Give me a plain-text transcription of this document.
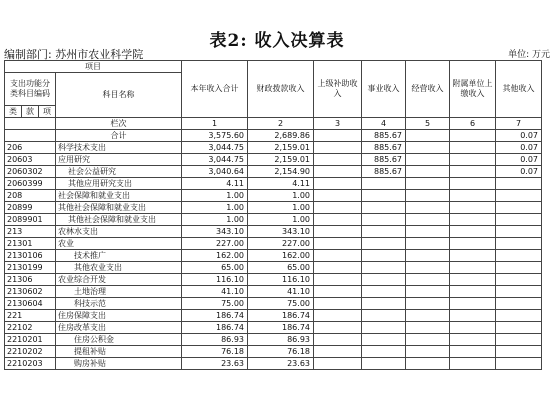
表2: 收入决算表
编制部门: 苏州市农业科学院	单位: 万元
项目				本年收入合计	财政拨款收入	上级补助收入	事业收入	经营收入	附属单位上缴收入	其他收入
支出功能分类科目编码			科目名称							
类	款	项								
			栏次	1	2	3	4	5	6	7
			合计	3,575.60	2,689.86		885.67			0.07
206			科学技术支出	3,044.75	2,159.01		885.67			0.07
20603			应用研究	3,044.75	2,159.01		885.67			0.07
2060302			社会公益研究	3,040.64	2,154.90		885.67			0.07
2060399			其他应用研究支出	4.11	4.11					
208			社会保障和就业支出	1.00	1.00					
20899			其他社会保障和就业支出	1.00	1.00					
2089901			其他社会保障和就业支出	1.00	1.00					
213			农林水支出	343.10	343.10					
21301			农业	227.00	227.00					
2130106			技术推广	162.00	162.00					
2130199			其他农业支出	65.00	65.00					
21306			农业综合开发	116.10	116.10					
2130602			土地治理	41.10	41.10					
2130604			科技示范	75.00	75.00					
221			住房保障支出	186.74	186.74					
22102			住房改革支出	186.74	186.74					
2210201			住房公积金	86.93	86.93					
2210202			提租补贴	76.18	76.18					
2210203			购房补贴	23.63	23.63					
